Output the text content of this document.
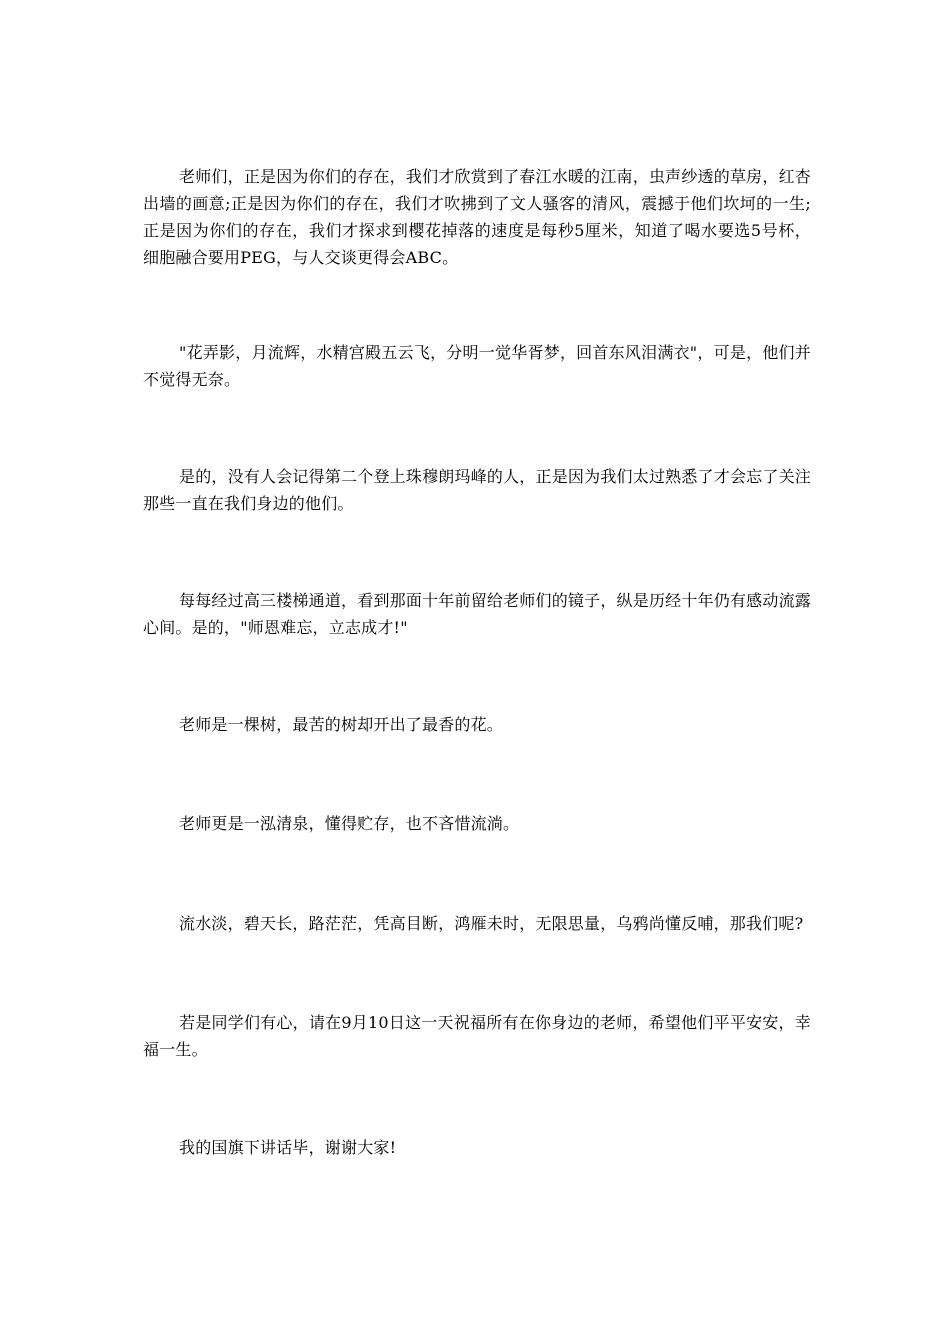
老师们，正是因为你们的存在，我们才欣赏到了春江水暖的江南，虫声纱透的草房，红杏出墙的画意;正是因为你们的存在，我们才吹拂到了文人骚客的清风，震撼于他们坎坷的一生;正是因为你们的存在，我们才探求到樱花掉落的速度是每秒5厘米，知道了喝水要选5号杯，细胞融合要用PEG，与人交谈更得会ABC。

"花弄影，月流辉，水精宫殿五云飞，分明一觉华胥梦，回首东风泪满衣"，可是，他们并不觉得无奈。

是的，没有人会记得第二个登上珠穆朗玛峰的人，正是因为我们太过熟悉了才会忘了关注那些一直在我们身边的他们。

每每经过高三楼梯通道，看到那面十年前留给老师们的镜子，纵是历经十年仍有感动流露心间。是的，"师恩难忘，立志成才!"

老师是一棵树，最苦的树却开出了最香的花。

老师更是一泓清泉，懂得贮存，也不吝惜流淌。

流水淡，碧天长，路茫茫，凭高目断，鸿雁未时，无限思量，乌鸦尚懂反哺，那我们呢?

若是同学们有心，请在9月10日这一天祝福所有在你身边的老师，希望他们平平安安，幸福一生。

我的国旗下讲话毕，谢谢大家!
